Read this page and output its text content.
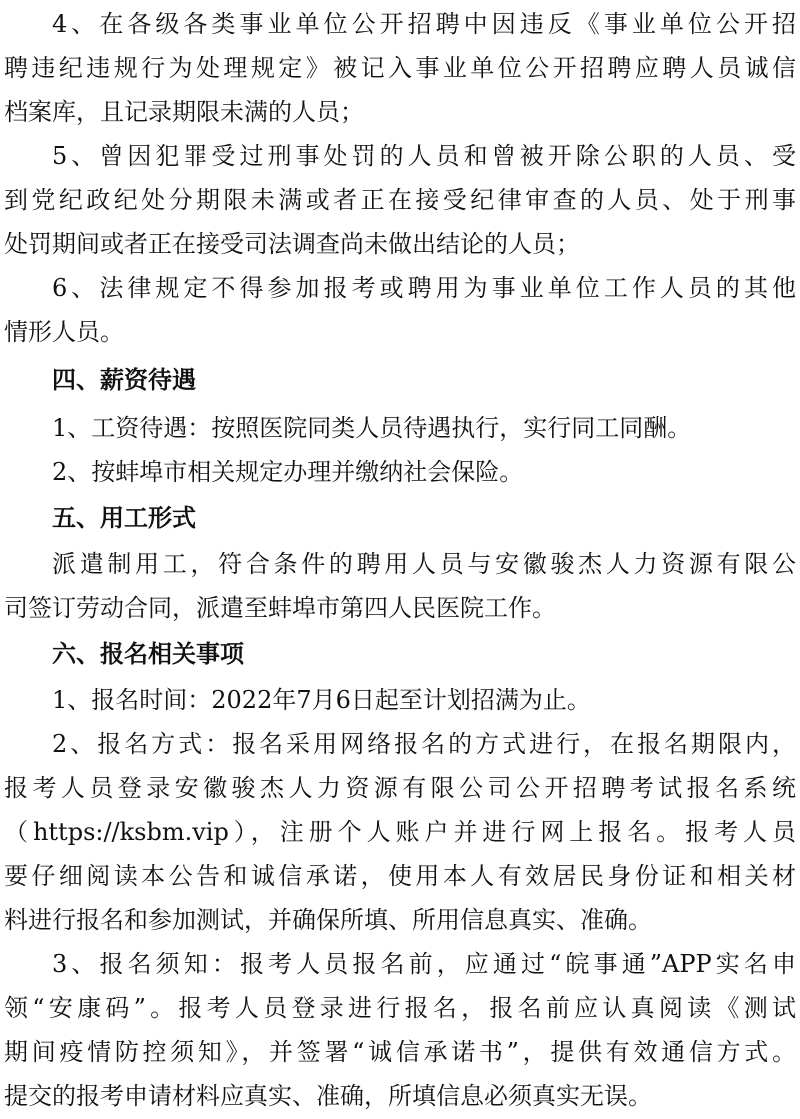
4、在各级各类事业单位公开招聘中因违反《事业单位公开招
聘违纪违规行为处理规定》被记入事业单位公开招聘应聘人员诚信
档案库，且记录期限未满的人员；
5、曾因犯罪受过刑事处罚的人员和曾被开除公职的人员、受
到党纪政纪处分期限未满或者正在接受纪律审查的人员、处于刑事
处罚期间或者正在接受司法调查尚未做出结论的人员；
6、法律规定不得参加报考或聘用为事业单位工作人员的其他
情形人员。
四、薪资待遇
1、工资待遇：按照医院同类人员待遇执行，实行同工同酬。
2、按蚌埠市相关规定办理并缴纳社会保险。
五、用工形式
派遣制用工，符合条件的聘用人员与安徽骏杰人力资源有限公
司签订劳动合同，派遣至蚌埠市第四人民医院工作。
六、报名相关事项
1、报名时间：2022年7月6日起至计划招满为止。
2、报名方式：报名采用网络报名的方式进行，在报名期限内，
报考人员登录安徽骏杰人力资源有限公司公开招聘考试报名系统
（https://ksbm.vip），注册个人账户并进行网上报名。报考人员
要仔细阅读本公告和诚信承诺，使用本人有效居民身份证和相关材
料进行报名和参加测试，并确保所填、所用信息真实、准确。
3、报名须知：报考人员报名前，应通过“皖事通”APP实名申
领“安康码”。报考人员登录进行报名，报名前应认真阅读《测试
期间疫情防控须知》，并签署“诚信承诺书”，提供有效通信方式。
提交的报考申请材料应真实、准确，所填信息必须真实无误。
